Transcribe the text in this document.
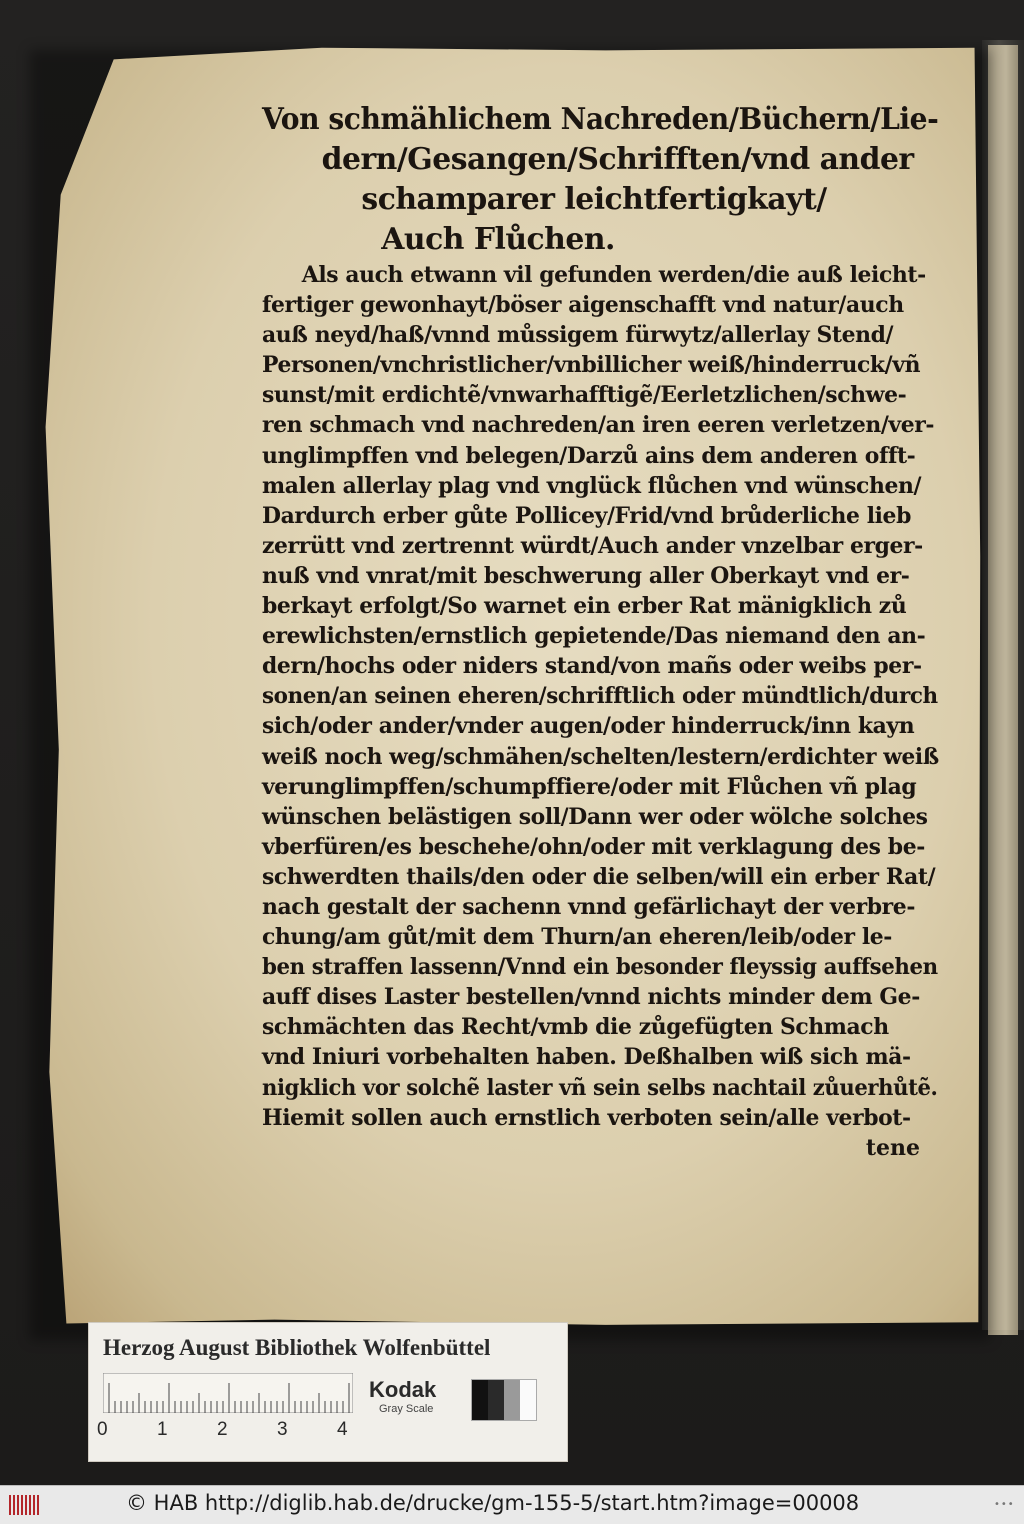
Von schmählichem Nachreden/Büchern/Lie-
dern/Gesangen/Schrifften/vnd ander
schamparer leichtfertigkayt/
Auch Flůchen.
Als auch etwann vil gefunden werden/die auß leicht-
fertiger gewonhayt/böser aigenschafft vnd natur/auch
auß neyd/haß/vnnd můssigem fürwytz/allerlay Stend/
Personen/vnchristlicher/vnbillicher weiß/hinderruck/vñ
sunst/mit erdichtẽ/vnwarhafftigẽ/Eerletzlichen/schwe-
ren schmach vnd nachreden/an iren eeren verletzen/ver-
unglimpffen vnd belegen/Darzů ains dem anderen offt-
malen allerlay plag vnd vnglück flůchen vnd wünschen/
Dardurch erber gůte Pollicey/Frid/vnd brůderliche lieb
zerrütt vnd zertrennt würdt/Auch ander vnzelbar erger-
nuß vnd vnrat/mit beschwerung aller Oberkayt vnd er-
berkayt erfolgt/So warnet ein erber Rat mänigklich zů
erewlichsten/ernstlich gepietende/Das niemand den an-
dern/hochs oder niders stand/von mañs oder weibs per-
sonen/an seinen eheren/schrifftlich oder mündtlich/durch
sich/oder ander/vnder augen/oder hinderruck/inn kayn
weiß noch weg/schmähen/schelten/lestern/erdichter weiß
verunglimpffen/schumpffiere/oder mit Flůchen vñ plag
wünschen belästigen soll/Dann wer oder wölche solches
vberfüren/es beschehe/ohn/oder mit verklagung des be-
schwerdten thails/den oder die selben/will ein erber Rat/
nach gestalt der sachenn vnnd gefärlichayt der verbre-
chung/am gůt/mit dem Thurn/an eheren/leib/oder le-
ben straffen lassenn/Vnnd ein besonder fleyssig auffsehen
auff dises Laster bestellen/vnnd nichts minder dem Ge-
schmächten das Recht/vmb die zůgefügten Schmach
vnd Iniuri vorbehalten haben. Deßhalben wiß sich mä-
nigklich vor solchẽ laster vñ sein selbs nachtail zůuerhůtẽ.
Hiemit sollen auch ernstlich verboten sein/alle verbot-
tene
Herzog August Bibliothek Wolfenbüttel
0	1	2	3	4
Kodak
Gray Scale
© HAB http://diglib.hab.de/drucke/gm-155-5/start.htm?image=00008	•••
